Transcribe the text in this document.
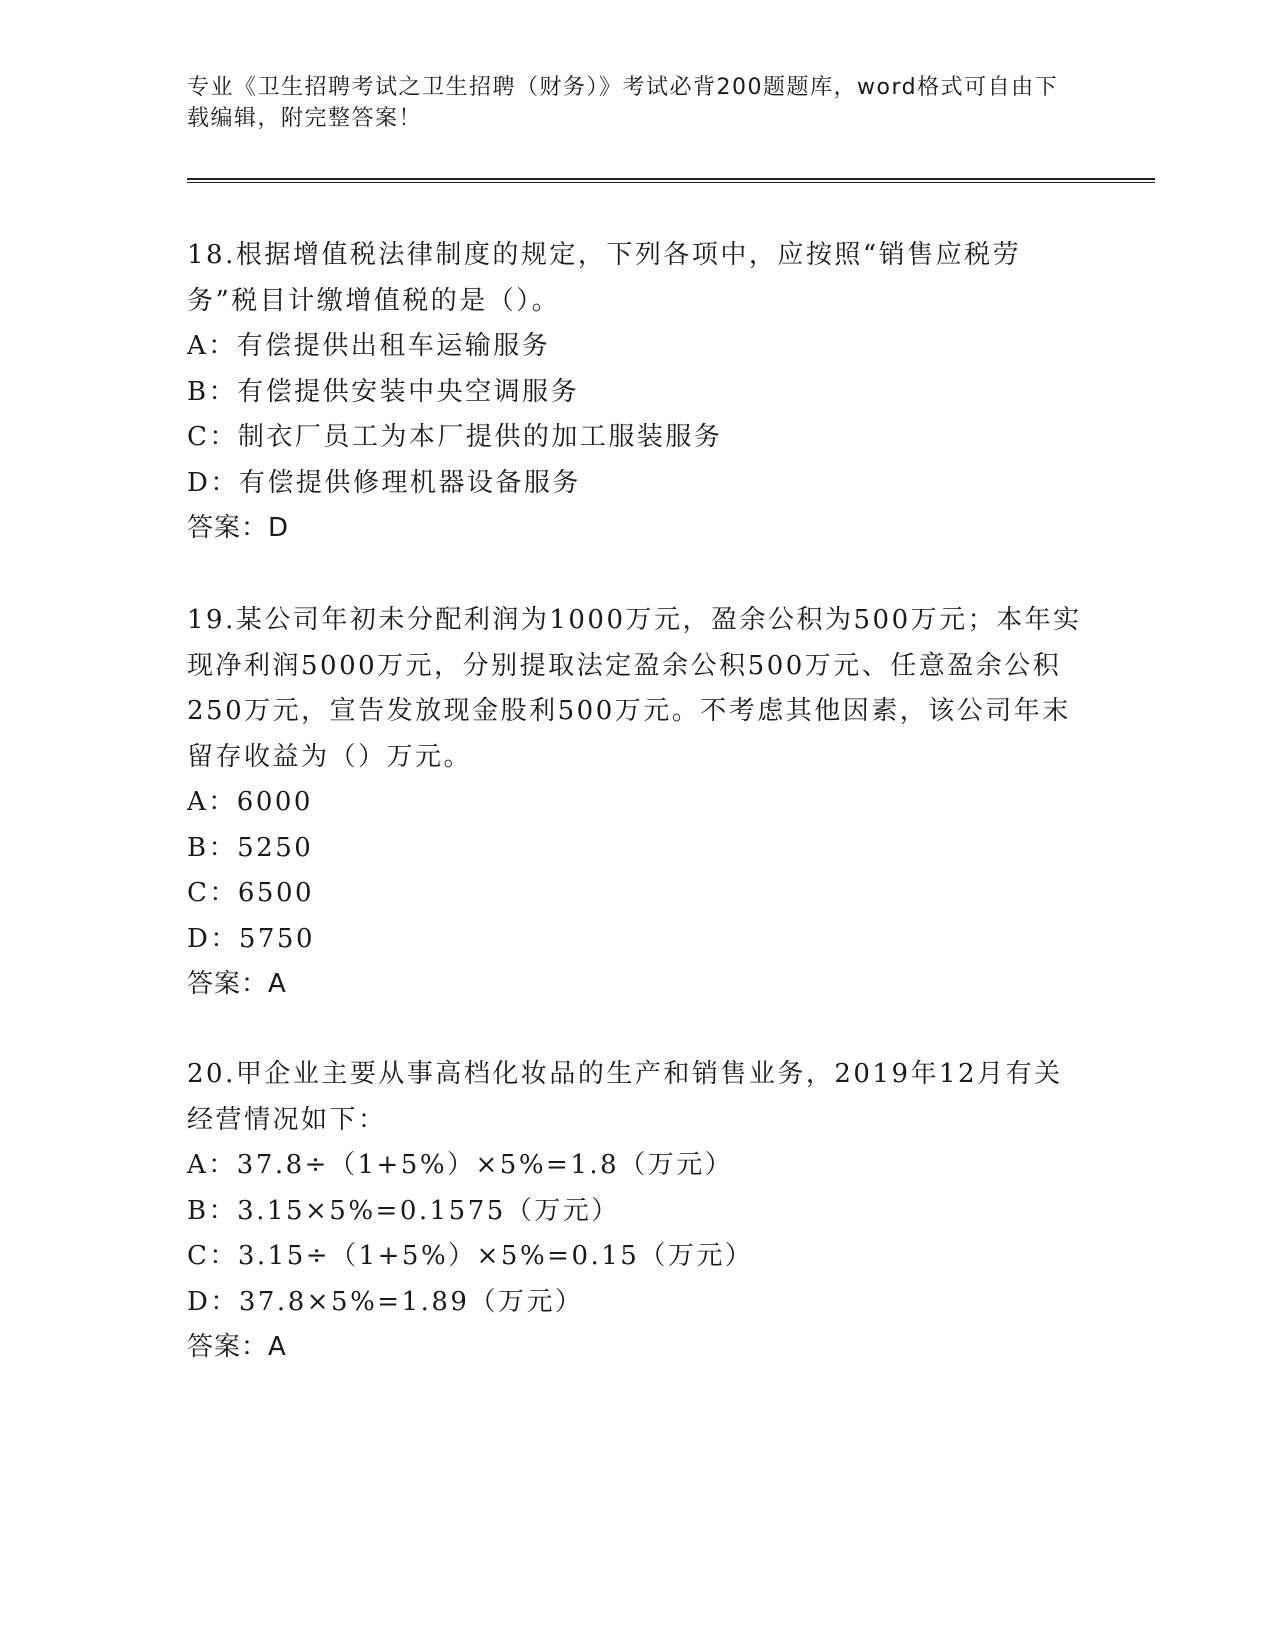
专业《卫生招聘考试之卫生招聘（财务）》考试必背200题题库，word格式可自由下载编辑，附完整答案！

18.根据增值税法律制度的规定，下列各项中，应按照“销售应税劳务”税目计缴增值税的是（）。

A：有偿提供出租车运输服务

B：有偿提供安装中央空调服务

C：制衣厂员工为本厂提供的加工服装服务

D：有偿提供修理机器设备服务

答案：D

19.某公司年初未分配利润为1000万元，盈余公积为500万元；本年实现净利润5000万元，分别提取法定盈余公积500万元、任意盈余公积250万元，宣告发放现金股利500万元。不考虑其他因素，该公司年末留存收益为（）万元。

A：6000

B：5250

C：6500

D：5750

答案：A

20.甲企业主要从事高档化妆品的生产和销售业务，2019年12月有关经营情况如下：

A：37.8÷（1+5%）×5%=1.8（万元）

B：3.15×5%=0.1575（万元）

C：3.15÷（1+5%）×5%=0.15（万元）

D：37.8×5%=1.89（万元）

答案：A
